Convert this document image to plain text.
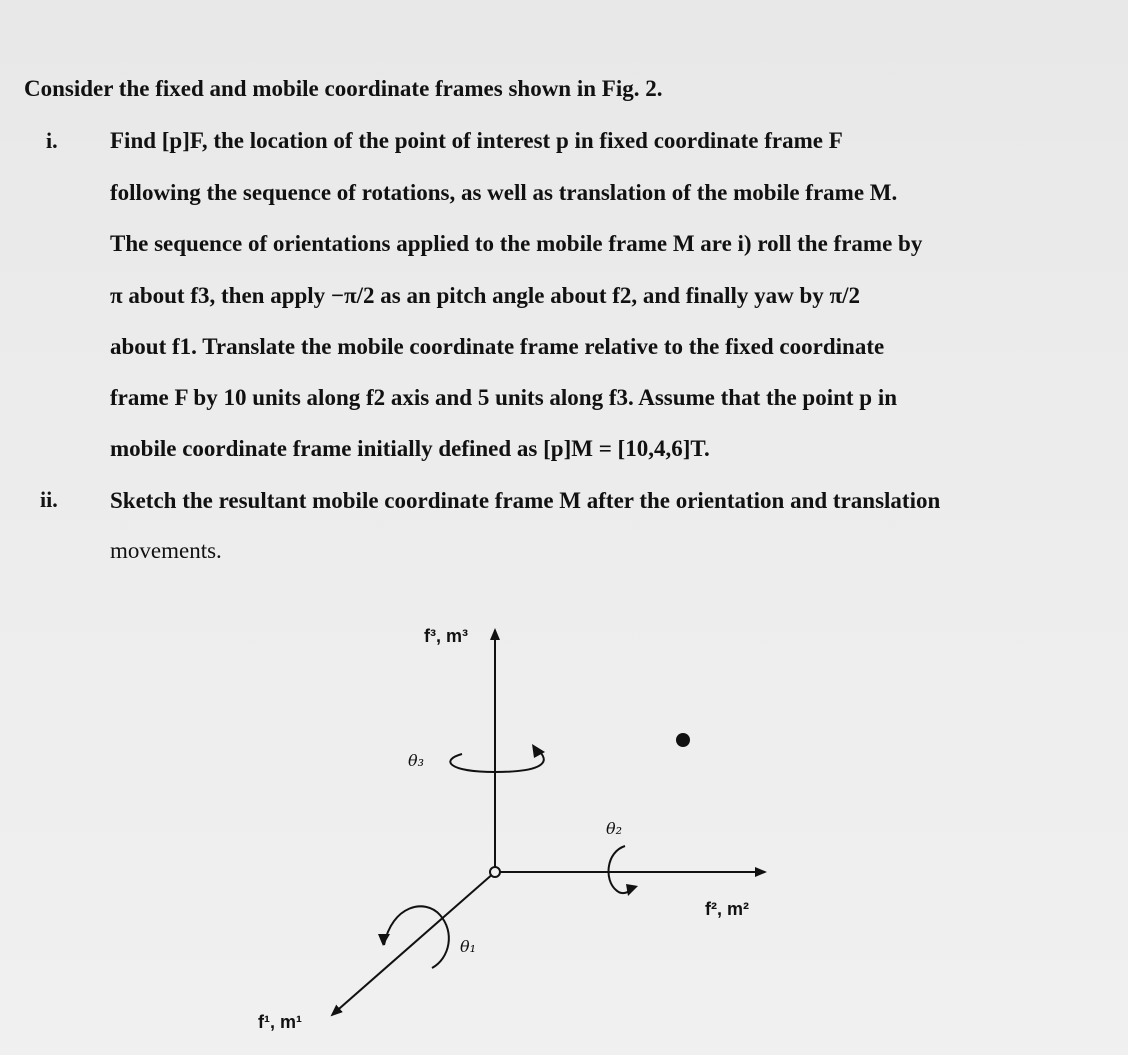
Consider the fixed and mobile coordinate frames shown in Fig. 2.
i.
ii.
Find [p]F, the location of the point of interest p in fixed coordinate frame F
following the sequence of rotations, as well as translation of the mobile frame M.
The sequence of orientations applied to the mobile frame M are i) roll the frame by
π about f3, then apply −π/2 as an pitch angle about f2, and finally yaw by π/2
about f1. Translate the mobile coordinate frame relative to the fixed coordinate
frame F by 10 units along f2 axis and 5 units along f3. Assume that the point p in
mobile coordinate frame initially defined as [p]M = [10,4,6]T.
Sketch the resultant mobile coordinate frame M after the orientation and translation
movements.
f³, m³
f², m²
f¹, m¹
θ₃
θ₂
θ₁
